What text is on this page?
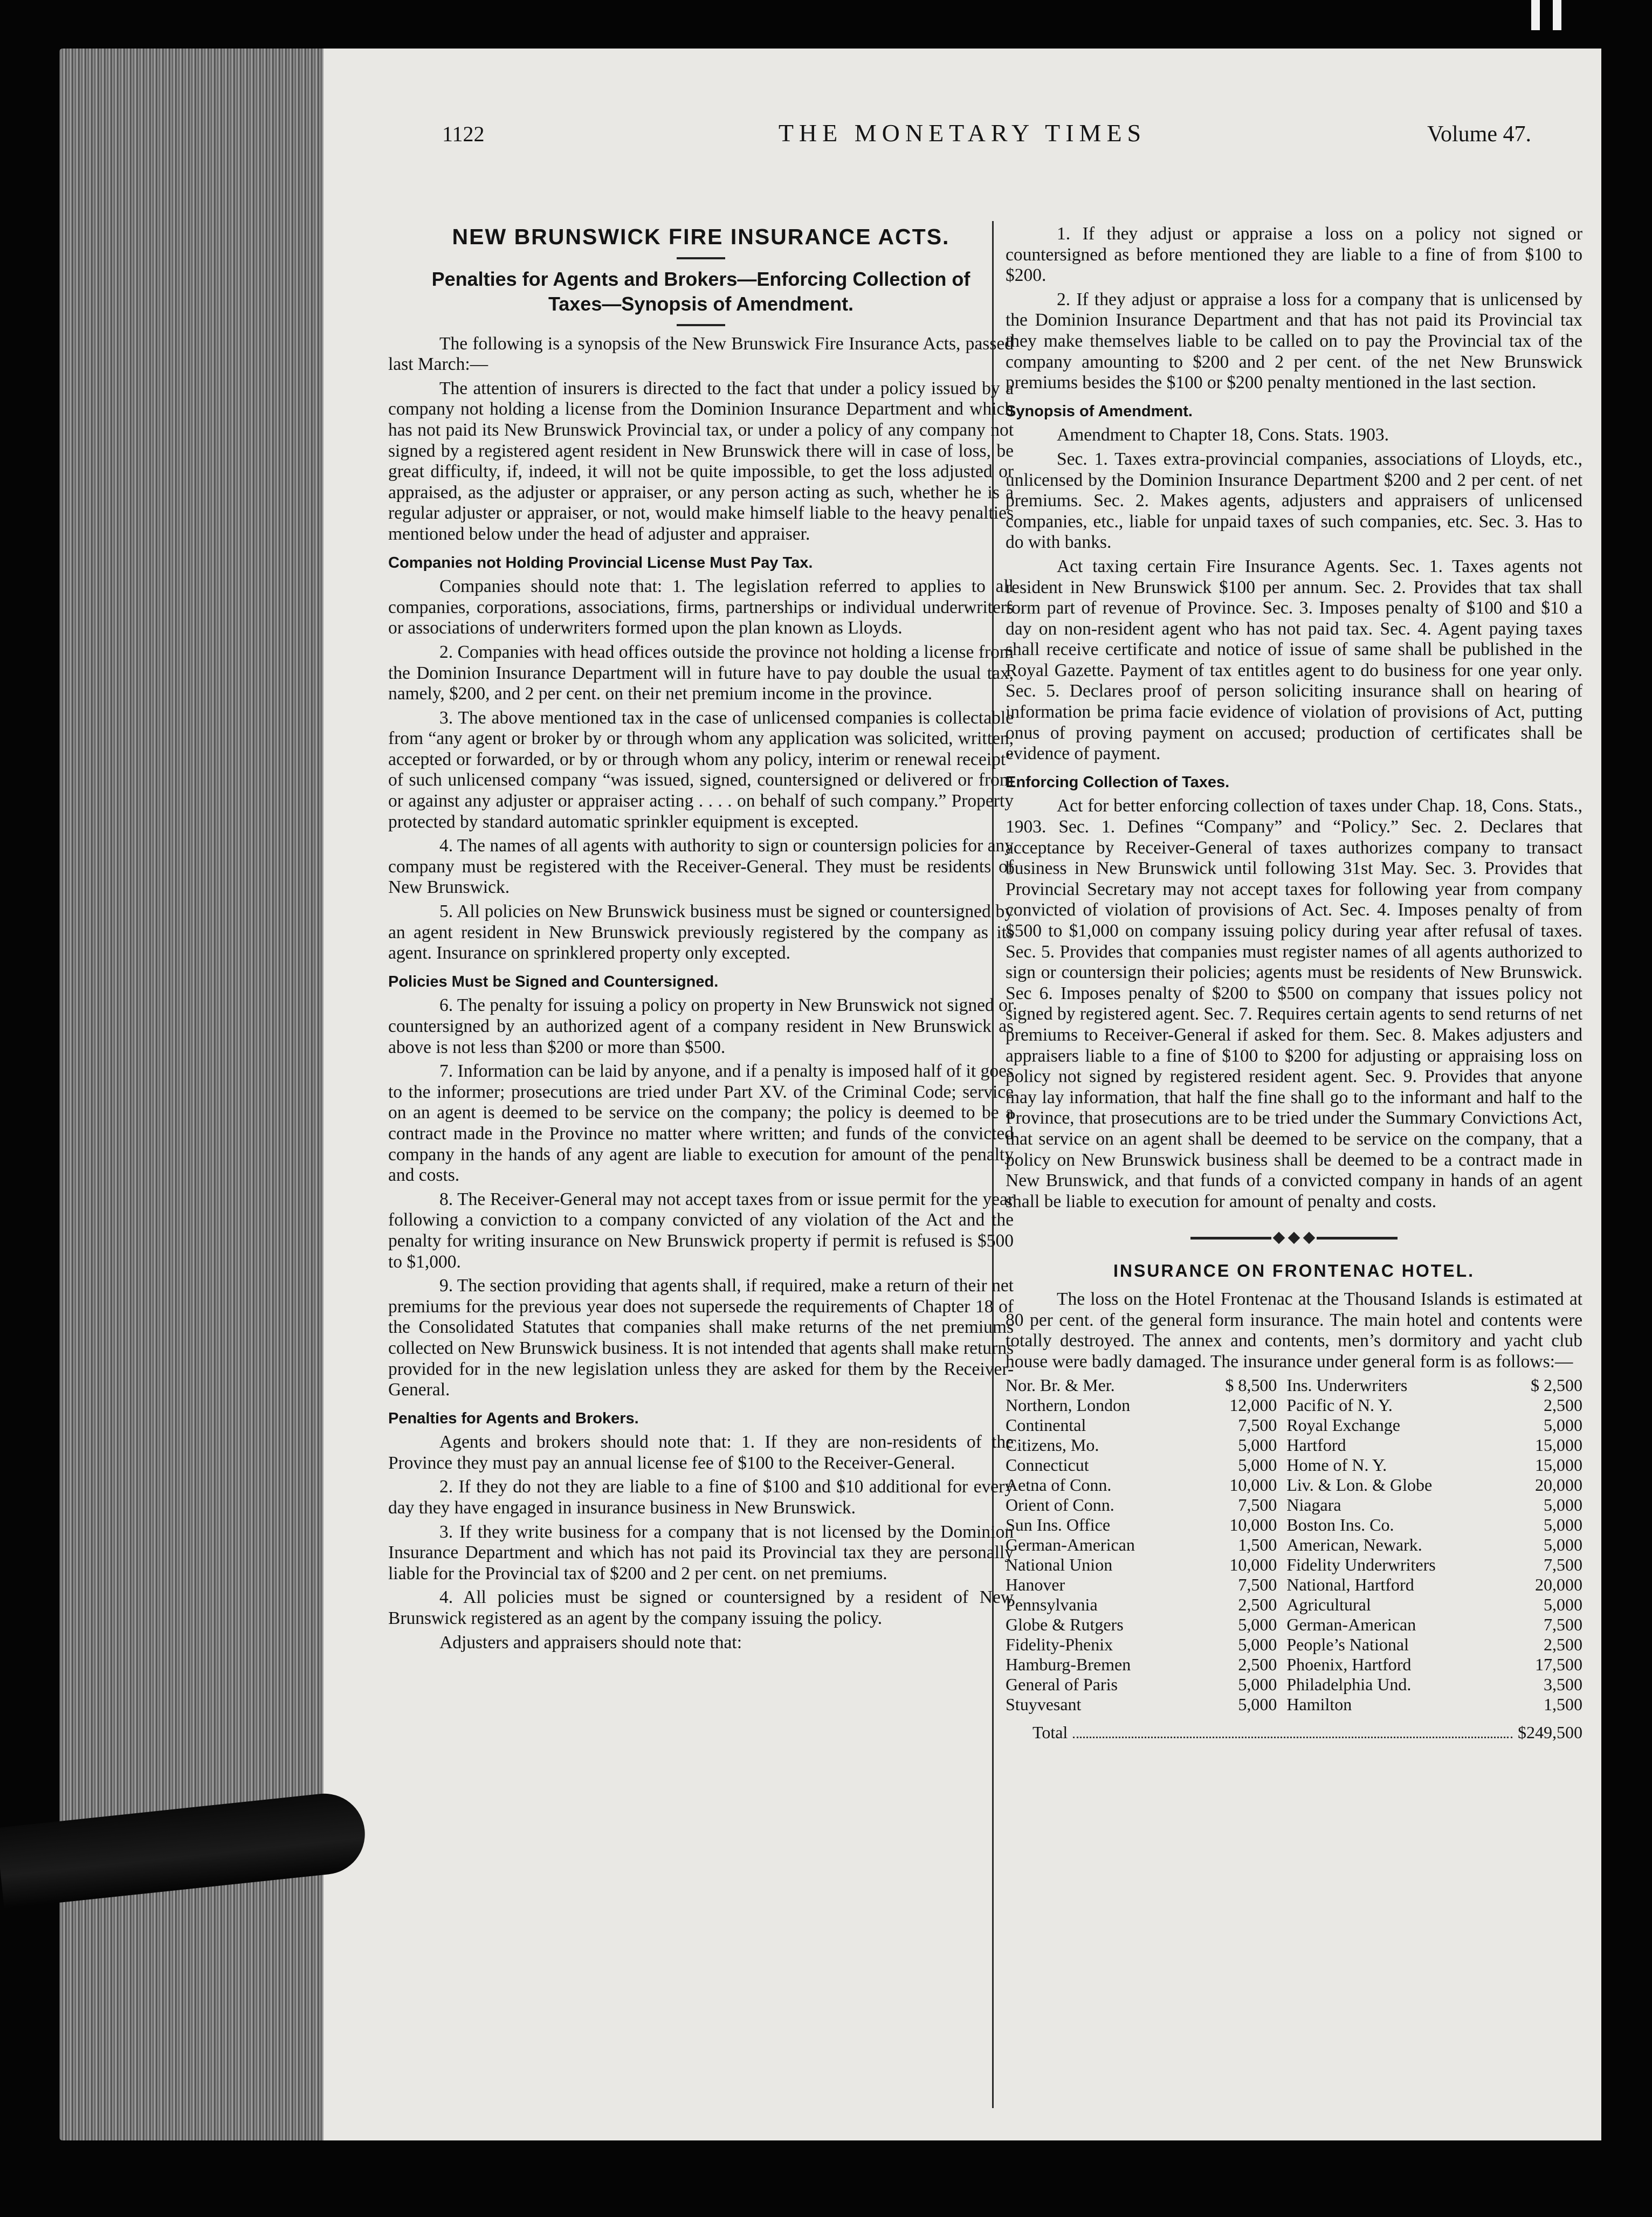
1122	THE MONETARY TIMES	Volume 47.
NEW BRUNSWICK FIRE INSURANCE ACTS.
Penalties for Agents and Brokers—Enforcing Collection of Taxes—Synopsis of Amendment.
The following is a synopsis of the New Brunswick Fire Insurance Acts, passed last March:—
The attention of insurers is directed to the fact that under a policy issued by a company not holding a license from the Dominion Insurance Department and which has not paid its New Brunswick Provincial tax, or under a policy of any company not signed by a registered agent resident in New Brunswick there will in case of loss, be great difficulty, if, indeed, it will not be quite impossible, to get the loss adjusted or appraised, as the adjuster or appraiser, or any person acting as such, whether he is a regular adjuster or appraiser, or not, would make himself liable to the heavy penalties mentioned below under the head of adjuster and appraiser.
Companies not Holding Provincial License Must Pay Tax.
Companies should note that: 1. The legislation referred to applies to all companies, corporations, associations, firms, partnerships or individual underwriters or associations of underwriters formed upon the plan known as Lloyds.
2. Companies with head offices outside the province not holding a license from the Dominion Insurance Department will in future have to pay double the usual tax, namely, $200, and 2 per cent. on their net premium income in the province.
3. The above mentioned tax in the case of unlicensed companies is collectable from “any agent or broker by or through whom any application was solicited, written, accepted or forwarded, or by or through whom any policy, interim or renewal receipt” of such unlicensed company “was issued, signed, countersigned or delivered or from or against any adjuster or appraiser acting . . . . on behalf of such company.” Property protected by standard automatic sprinkler equipment is excepted.
4. The names of all agents with authority to sign or countersign policies for any company must be registered with the Receiver-General. They must be residents of New Brunswick.
5. All policies on New Brunswick business must be signed or countersigned by an agent resident in New Brunswick previously registered by the company as its agent. Insurance on sprinklered property only excepted.
Policies Must be Signed and Countersigned.
6. The penalty for issuing a policy on property in New Brunswick not signed or countersigned by an authorized agent of a company resident in New Brunswick as above is not less than $200 or more than $500.
7. Information can be laid by anyone, and if a penalty is imposed half of it goes to the informer; prosecutions are tried under Part XV. of the Criminal Code; service on an agent is deemed to be service on the company; the policy is deemed to be a contract made in the Province no matter where written; and funds of the convicted company in the hands of any agent are liable to execution for amount of the penalty and costs.
8. The Receiver-General may not accept taxes from or issue permit for the year following a conviction to a company convicted of any violation of the Act and the penalty for writing insurance on New Brunswick property if permit is refused is $500 to $1,000.
9. The section providing that agents shall, if required, make a return of their net premiums for the previous year does not supersede the requirements of Chapter 18 of the Consolidated Statutes that companies shall make returns of the net premiums collected on New Brunswick business. It is not intended that agents shall make returns provided for in the new legislation unless they are asked for them by the Receiver-General.
Penalties for Agents and Brokers.
Agents and brokers should note that: 1. If they are non-residents of the Province they must pay an annual license fee of $100 to the Receiver-General.
2. If they do not they are liable to a fine of $100 and $10 additional for every day they have engaged in insurance business in New Brunswick.
3. If they write business for a company that is not licensed by the Dominion Insurance Department and which has not paid its Provincial tax they are personally liable for the Provincial tax of $200 and 2 per cent. on net premiums.
4. All policies must be signed or countersigned by a resident of New Brunswick registered as an agent by the company issuing the policy.
Adjusters and appraisers should note that:
1. If they adjust or appraise a loss on a policy not signed or countersigned as before mentioned they are liable to a fine of from $100 to $200.
2. If they adjust or appraise a loss for a company that is unlicensed by the Dominion Insurance Department and that has not paid its Provincial tax they make themselves liable to be called on to pay the Provincial tax of the company amounting to $200 and 2 per cent. of the net New Brunswick premiums besides the $100 or $200 penalty mentioned in the last section.
Synopsis of Amendment.
Amendment to Chapter 18, Cons. Stats. 1903.
Sec. 1. Taxes extra-provincial companies, associations of Lloyds, etc., unlicensed by the Dominion Insurance Department $200 and 2 per cent. of net premiums. Sec. 2. Makes agents, adjusters and appraisers of unlicensed companies, etc., liable for unpaid taxes of such companies, etc. Sec. 3. Has to do with banks.
Act taxing certain Fire Insurance Agents. Sec. 1. Taxes agents not resident in New Brunswick $100 per annum. Sec. 2. Provides that tax shall form part of revenue of Province. Sec. 3. Imposes penalty of $100 and $10 a day on non-resident agent who has not paid tax. Sec. 4. Agent paying taxes shall receive certificate and notice of issue of same shall be published in the Royal Gazette. Payment of tax entitles agent to do business for one year only. Sec. 5. Declares proof of person soliciting insurance shall on hearing of information be prima facie evidence of violation of provisions of Act, putting onus of proving payment on accused; production of certificates shall be evidence of payment.
Enforcing Collection of Taxes.
Act for better enforcing collection of taxes under Chap. 18, Cons. Stats., 1903. Sec. 1. Defines “Company” and “Policy.” Sec. 2. Declares that acceptance by Receiver-General of taxes authorizes company to transact business in New Brunswick until following 31st May. Sec. 3. Provides that Provincial Secretary may not accept taxes for following year from company convicted of violation of provisions of Act. Sec. 4. Imposes penalty of from $500 to $1,000 on company issuing policy during year after refusal of taxes. Sec. 5. Provides that companies must register names of all agents authorized to sign or countersign their policies; agents must be residents of New Brunswick. Sec 6. Imposes penalty of $200 to $500 on company that issues policy not signed by registered agent. Sec. 7. Requires certain agents to send returns of net premiums to Receiver-General if asked for them. Sec. 8. Makes adjusters and appraisers liable to a fine of $100 to $200 for adjusting or appraising loss on policy not signed by registered resident agent. Sec. 9. Provides that anyone may lay information, that half the fine shall go to the informant and half to the Province, that prosecutions are to be tried under the Summary Convictions Act, that service on an agent shall be deemed to be service on the company, that a policy on New Brunswick business shall be deemed to be a contract made in New Brunswick, and that funds of a convicted company in hands of an agent shall be liable to execution for amount of penalty and costs.
INSURANCE ON FRONTENAC HOTEL.
The loss on the Hotel Frontenac at the Thousand Islands is estimated at 80 per cent. of the general form insurance. The main hotel and contents were totally destroyed. The annex and contents, men’s dormitory and yacht club house were badly damaged. The insurance under general form is as follows:—
Nor. Br. & Mer.	$ 8,500	Ins. Underwriters	$ 2,500
Northern, London	12,000	Pacific of N. Y.	2,500
Continental	7,500	Royal Exchange	5,000
Citizens, Mo.	5,000	Hartford	15,000
Connecticut	5,000	Home of N. Y.	15,000
Aetna of Conn.	10,000	Liv. & Lon. & Globe	20,000
Orient of Conn.	7,500	Niagara	5,000
Sun Ins. Office	10,000	Boston Ins. Co.	5,000
German-American	1,500	American, Newark.	5,000
National Union	10,000	Fidelity Underwriters	7,500
Hanover	7,500	National, Hartford	20,000
Pennsylvania	2,500	Agricultural	5,000
Globe & Rutgers	5,000	German-American	7,500
Fidelity-Phenix	5,000	People’s National	2,500
Hamburg-Bremen	2,500	Phoenix, Hartford	17,500
General of Paris	5,000	Philadelphia Und.	3,500
Stuyvesant	5,000	Hamilton	1,500
Total	$249,500
